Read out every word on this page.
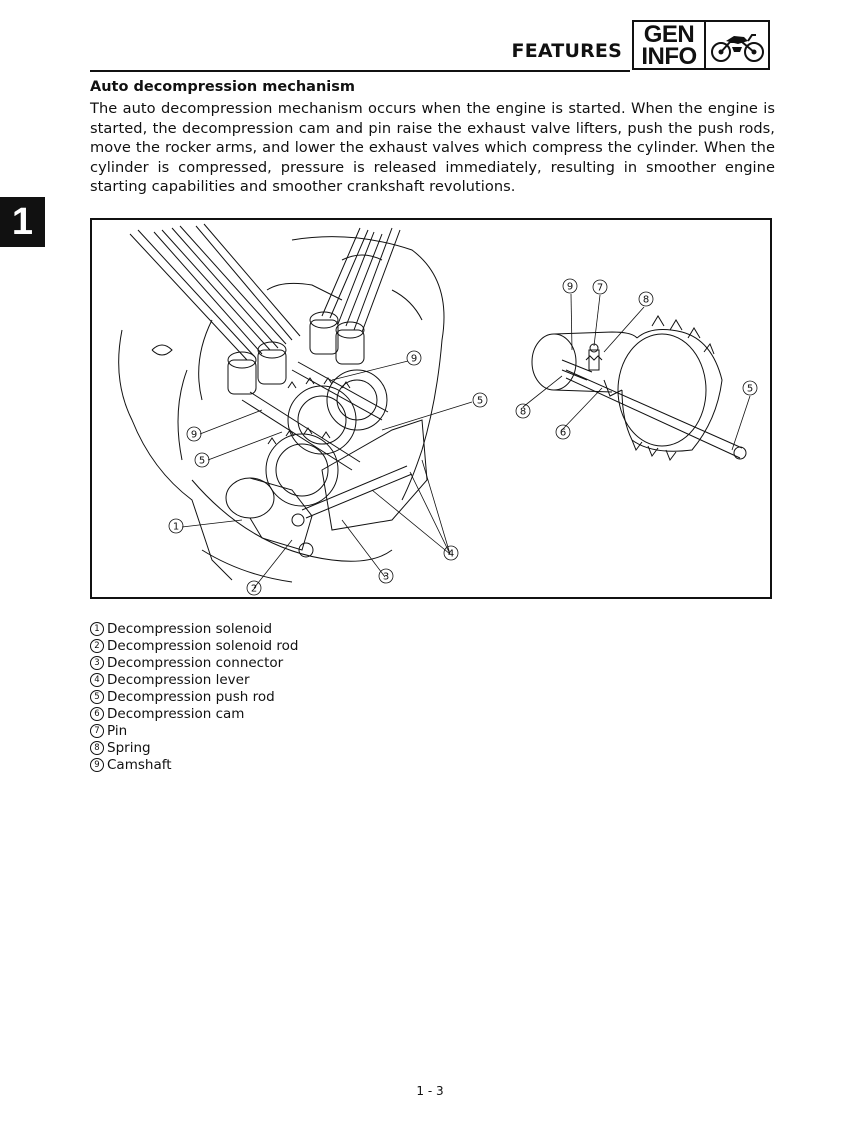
FEATURES
GEN
INFO
1
Auto decompression mechanism
The auto decompression mechanism occurs when the engine is started. When the engine is started, the decompression cam and pin raise the exhaust valve lifters, push the push rods, move the rocker arms, and lower the exhaust valves which compress the cylinder. When the cylinder is compressed, pressure is released immediately, resulting in smoother engine starting capabilities and smoother crankshaft revolutions.
9
5
9
5
1
2
3
4
9 7
8
8
6
5
1 Decompression solenoid
2 Decompression solenoid rod
3 Decompression connector
4 Decompression lever
5 Decompression push rod
6 Decompression cam
7 Pin
8 Spring
9 Camshaft
1 - 3
